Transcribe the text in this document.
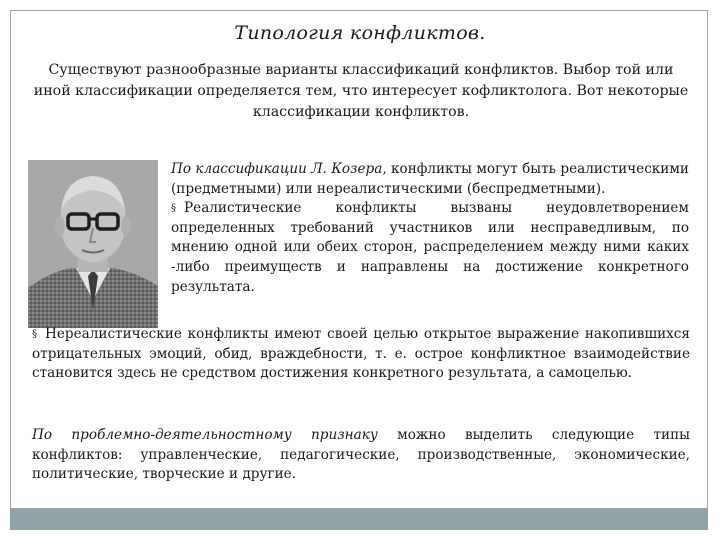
Типология конфликтов.
Существуют разнообразные варианты классификаций конфликтов. Выбор той или иной классификации определяется тем, что интересует кофликтолога. Вот некоторые классификации конфликтов.
По классификации Л. Козера, конфликты могут быть реалистическими (предметными) или нереалистическими (беспредметными).
§ Реалистические конфликты вызваны неудовлетворением определенных требований участников или несправедливым, по мнению одной или обеих сторон, распределением между ними каких -либо преимуществ и направлены на достижение конкретного результата.
§ Нереалистические конфликты имеют своей целью открытое выражение накопившихся отрицательных эмоций, обид, враждебности, т. е. острое конфликтное взаимодействие становится здесь не средством достижения конкретного результата, а самоцелью.
По проблемно-деятельностному признаку можно выделить следующие типы конфликтов: управленческие, педагогические, производственные, экономические, политические, творческие и другие.
